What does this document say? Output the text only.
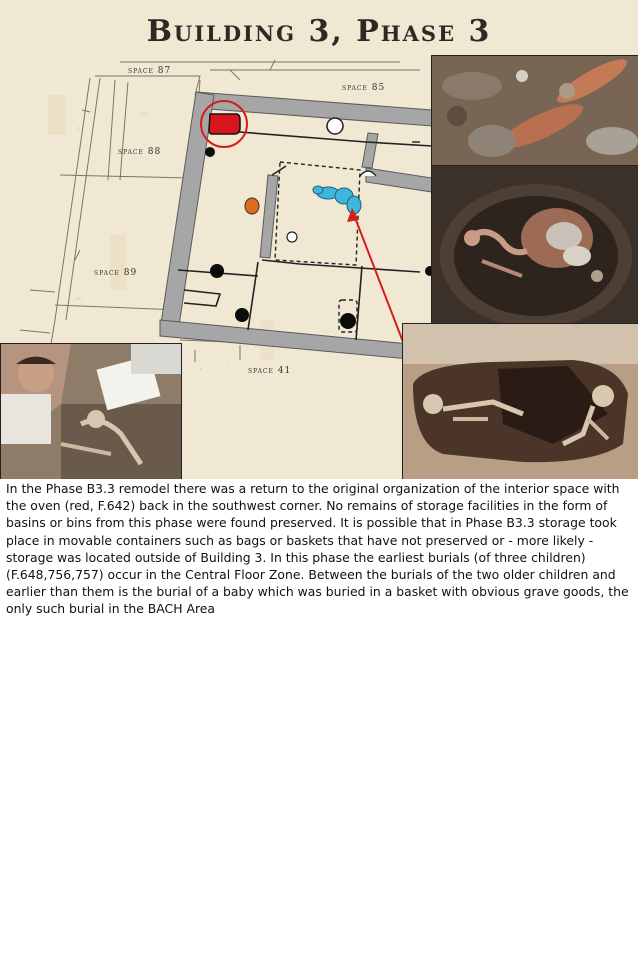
·: :
·
·
·: ·
: ·
·
·
Building 3, Phase 3
space 87
space 85
space 88
space 89
space 41
In the Phase B3.3 remodel there was a return to the original organization of the interior space with the oven (red, F.642) back in the southwest corner. No remains of storage facilities in the form of basins or bins from this phase were found preserved. It is possible that in Phase B3.3 storage took place in movable containers such as bags or baskets that have not preserved or - more likely - storage was located outside of Building 3. In this phase the earliest burials (of three children) (F.648,756,757) occur in the Central Floor Zone. Between the burials of the two older children and earlier than them is the burial of a baby which was buried in a basket with obvious grave goods, the only such burial in the BACH Area
